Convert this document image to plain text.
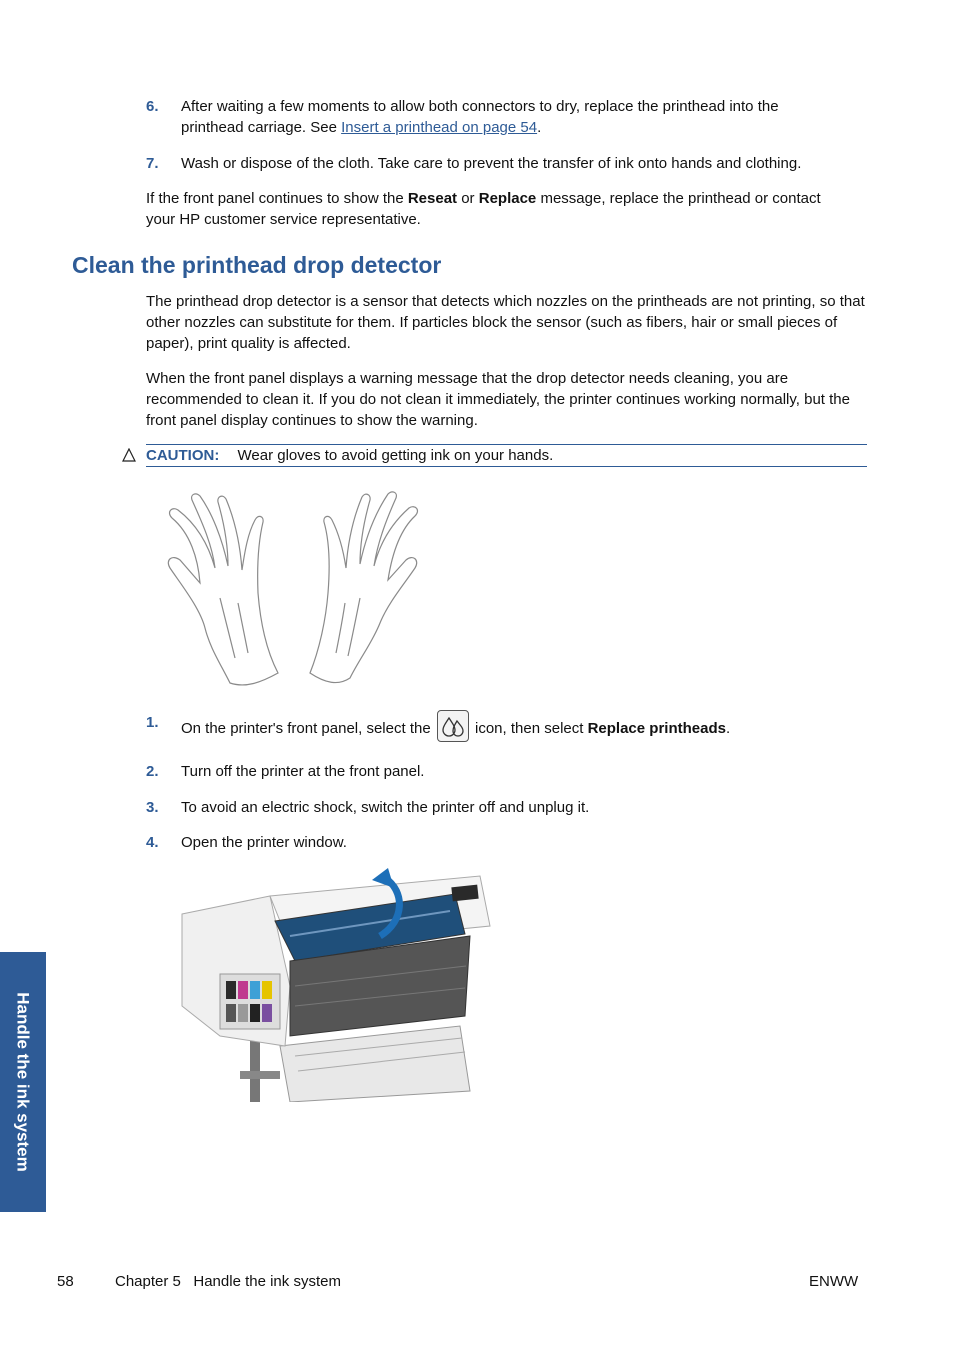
6. After waiting a few moments to allow both connectors to dry, replace the printhead into the
printhead carriage. See Insert a printhead on page 54.
7. Wash or dispose of the cloth. Take care to prevent the transfer of ink onto hands and clothing.
If the front panel continues to show the Reseat or Replace message, replace the printhead or contact
your HP customer service representative.
Clean the printhead drop detector
The printhead drop detector is a sensor that detects which nozzles on the printheads are not printing, so that other nozzles can substitute for them. If particles block the sensor (such as fibers, hair or small pieces of paper), print quality is affected.
When the front panel displays a warning message that the drop detector needs cleaning, you are recommended to clean it. If you do not clean it immediately, the printer continues working normally, but the front panel display continues to show the warning.
CAUTION: Wear gloves to avoid getting ink on your hands.
1. On the printer's front panel, select the
icon, then select Replace printheads.
2. Turn off the printer at the front panel.
3. To avoid an electric shock, switch the printer off and unplug it.
4. Open the printer window.
Handle the ink system
58	Chapter 5   Handle the ink system	ENWW
